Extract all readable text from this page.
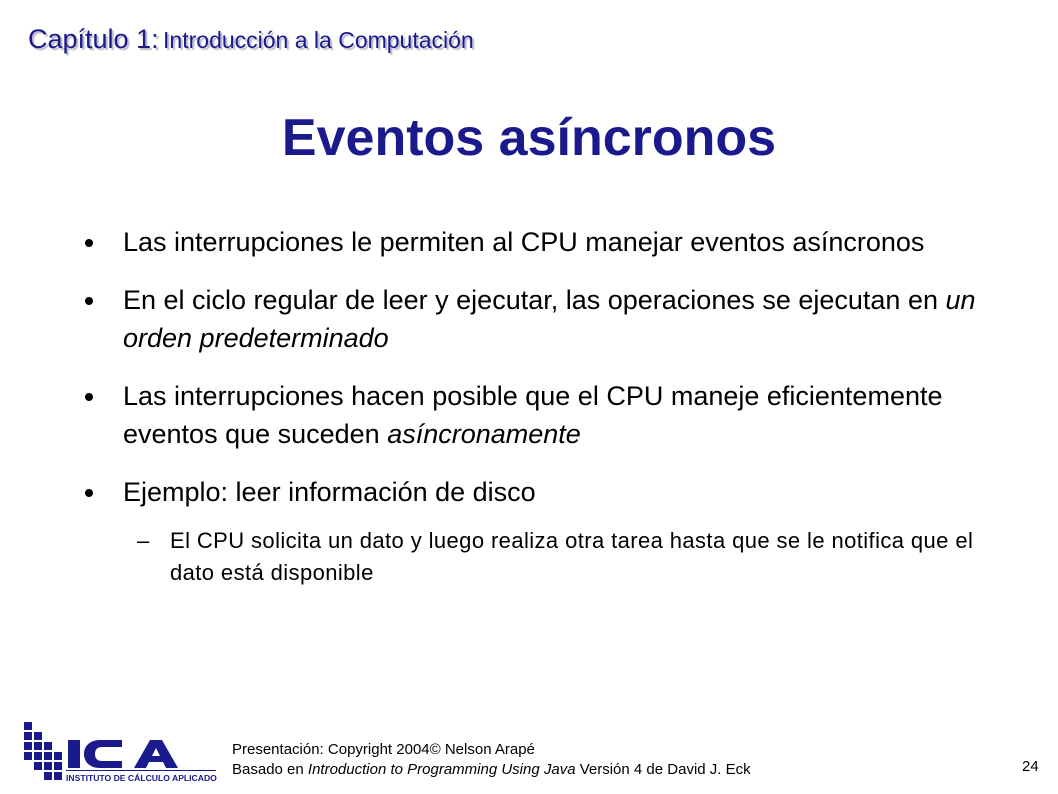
Capítulo 1: Introducción a la Computación
Eventos asíncronos
Las interrupciones le permiten al CPU manejar eventos asíncronos
En el ciclo regular de leer y ejecutar, las operaciones se ejecutan en un orden predeterminado
Las interrupciones hacen posible que el CPU maneje eficientemente eventos que suceden asíncronamente
Ejemplo: leer información de disco
– El CPU solicita un dato y luego realiza otra tarea hasta que se le notifica que el dato está disponible
INSTITUTO DE CÁLCULO APLICADO
Presentación: Copyright 2004© Nelson Arapé
Basado en Introduction to Programming Using Java Versión 4 de David J. Eck	24
